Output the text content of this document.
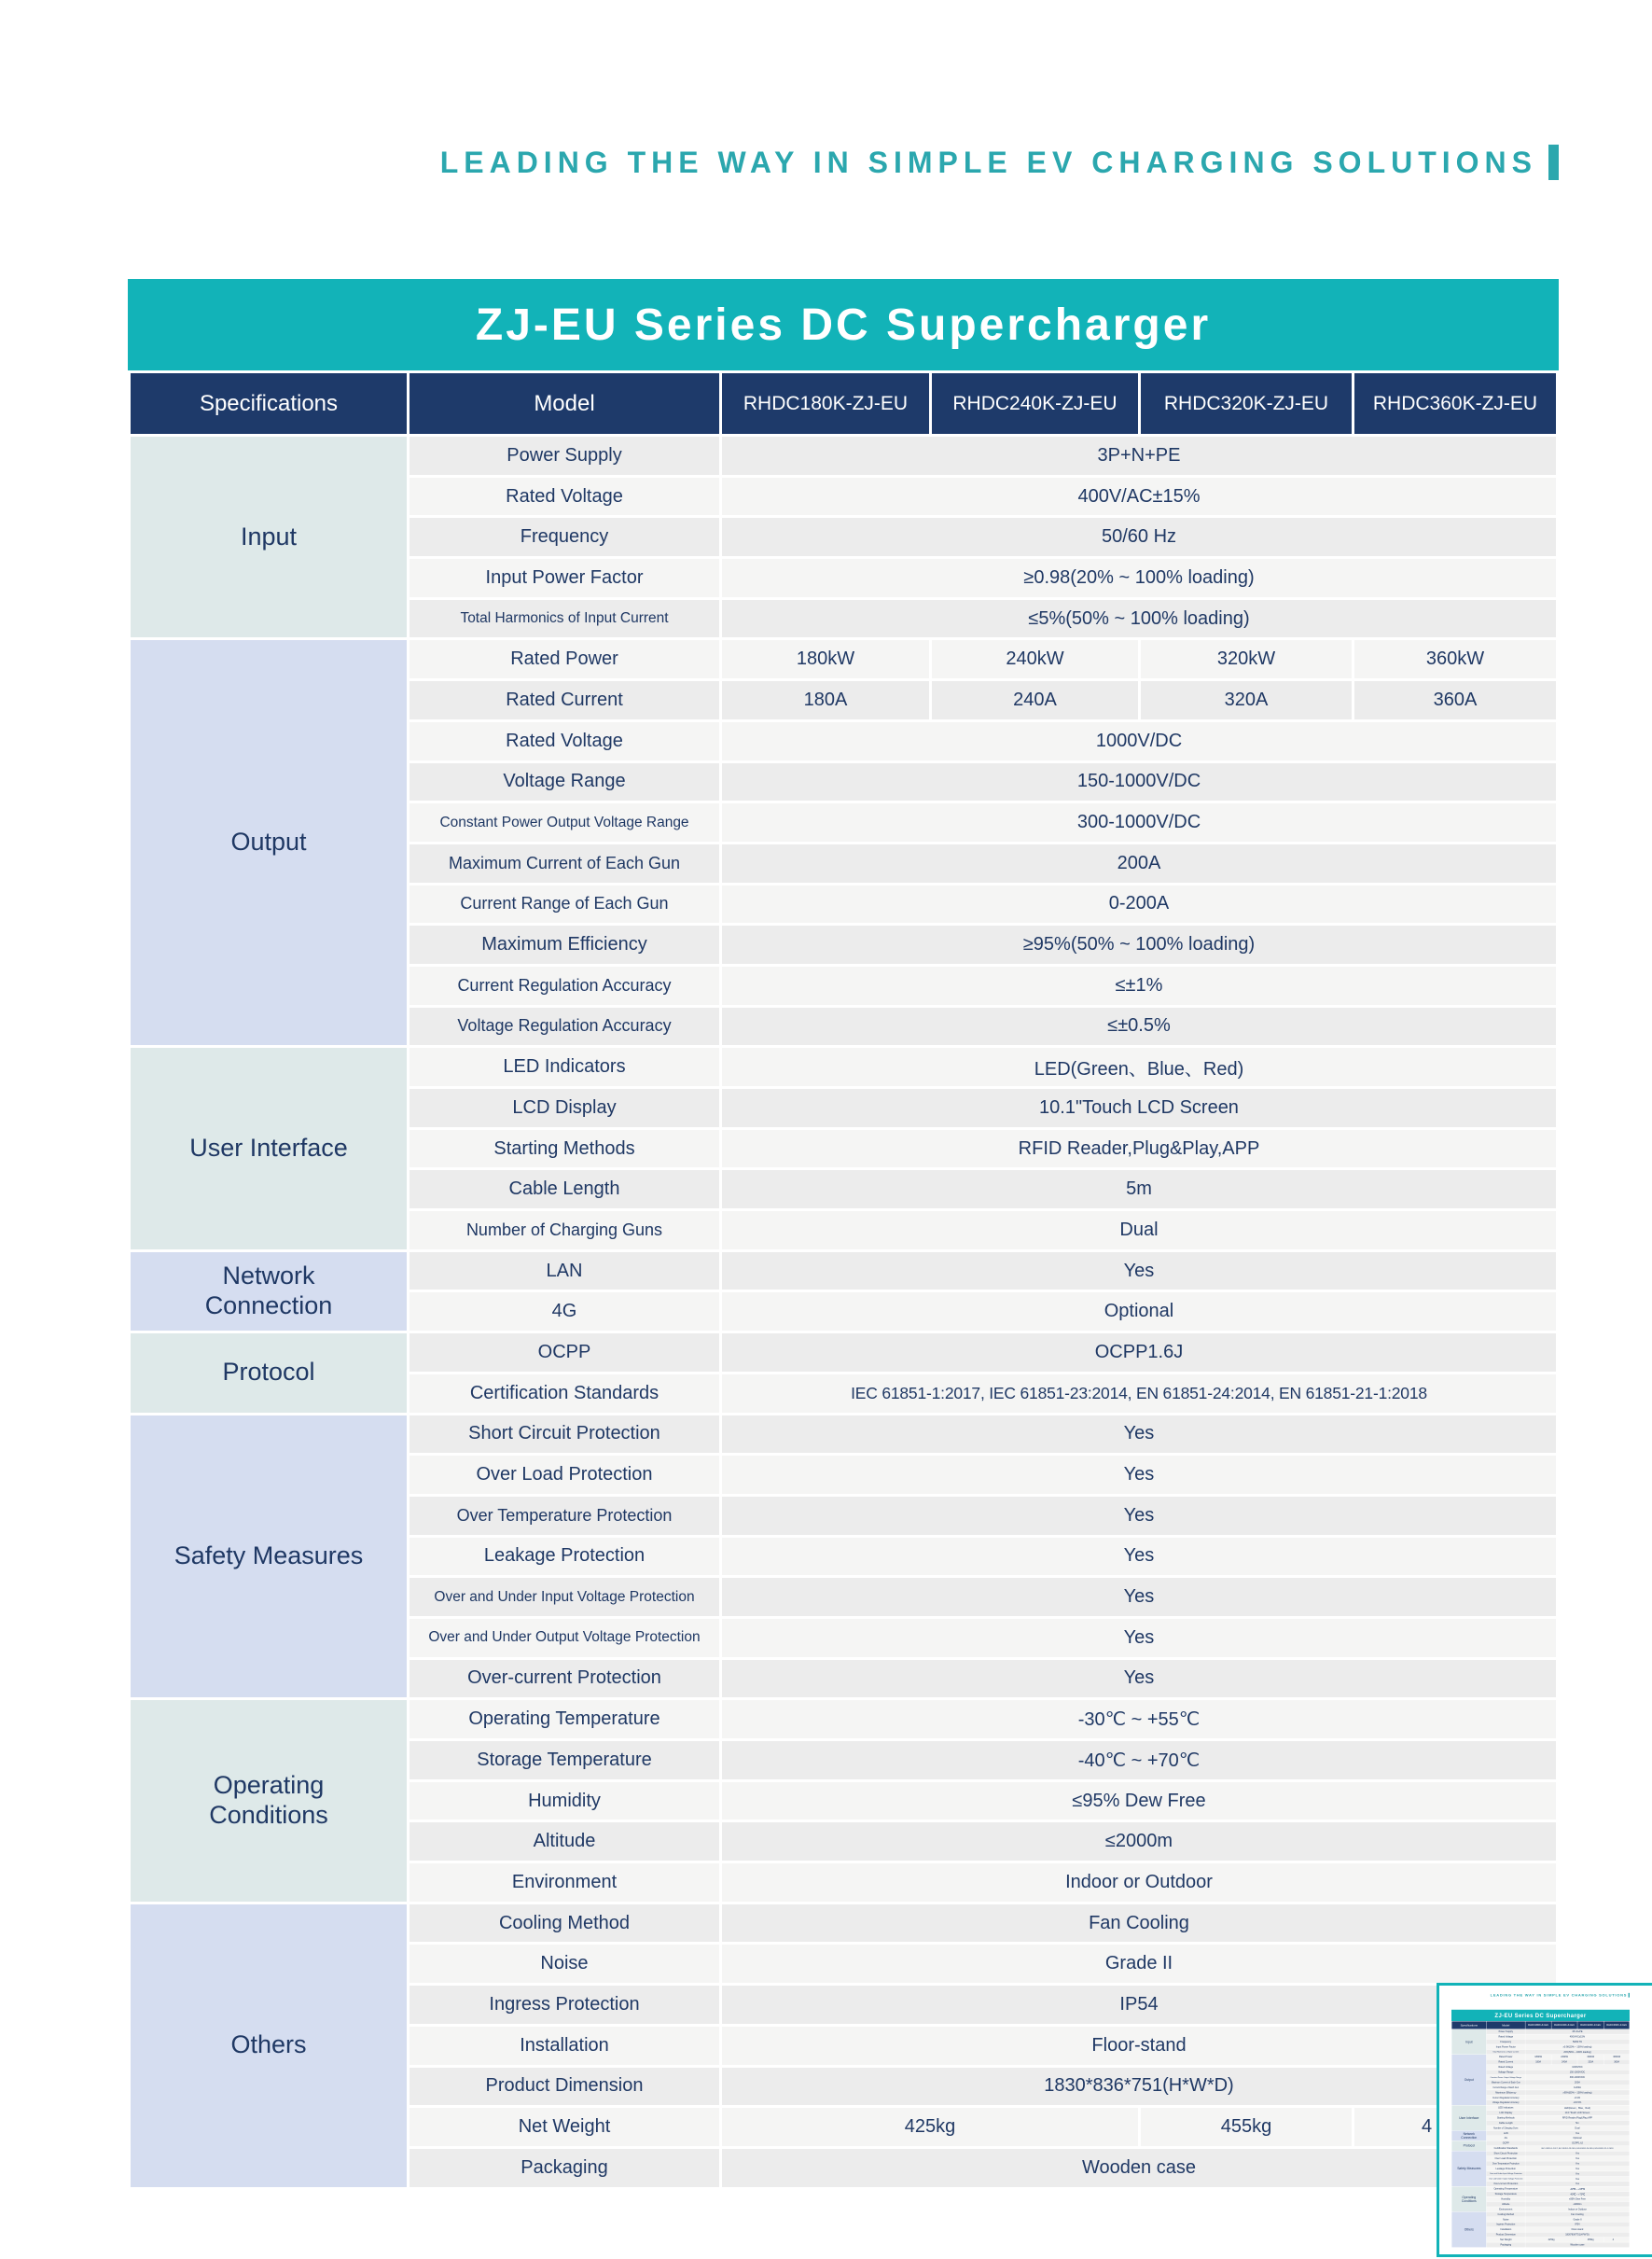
LEADING THE WAY IN SIMPLE EV CHARGING SOLUTIONS
ZJ-EU Series DC Supercharger
Specifications	Model	RHDC180K-ZJ-EU	RHDC240K-ZJ-EU	RHDC320K-ZJ-EU	RHDC360K-ZJ-EU
Input	Power Supply	3P+N+PE			
	Rated Voltage	400V/AC±15%			
	Frequency	50/60 Hz			
	Input Power Factor	≥0.98(20% ~ 100% loading)			
	Total Harmonics of Input Current	≤5%(50% ~ 100% loading)			
Output	Rated Power	180kW	240kW	320kW	360kW
	Rated Current	180A	240A	320A	360A
	Rated Voltage	1000V/DC			
	Voltage Range	150-1000V/DC			
	Constant Power Output Voltage Range	300-1000V/DC			
	Maximum Current of Each Gun	200A			
	Current Range of Each Gun	0-200A			
	Maximum Efficiency	≥95%(50% ~ 100% loading)			
	Current Regulation Accuracy	≤±1%			
	Voltage Regulation Accuracy	≤±0.5%			
User Interface	LED Indicators	LED(Green、Blue、Red)			
	LCD Display	10.1"Touch LCD Screen			
	Starting Methods	RFID Reader,Plug&Play,APP			
	Cable Length	5m			
	Number of Charging Guns	Dual			
Network Connection	LAN	Yes			
	4G	Optional			
Protocol	OCPP	OCPP1.6J			
	Certification Standards	IEC 61851-1:2017, IEC 61851-23:2014, EN 61851-24:2014, EN 61851-21-1:2018			
Safety Measures	Short Circuit Protection	Yes			
	Over Load Protection	Yes			
	Over Temperature Protection	Yes			
	Leakage Protection	Yes			
	Over and Under Input Voltage Protection	Yes			
	Over and Under Output Voltage Protection	Yes			
	Over-current Protection	Yes			
Operating Conditions	Operating Temperature	-30℃ ~ +55℃			
	Storage Temperature	-40℃ ~ +70℃			
	Humidity	≤95% Dew Free			
	Altitude	≤2000m			
	Environment	Indoor or Outdoor			
Others	Cooling Method	Fan Cooling			
	Noise	Grade II			
	Ingress Protection	IP54			
	Installation	Floor-stand			
	Product Dimension	1830*836*751(H*W*D)			
	Net Weight	425kg		455kg	4
	Packaging	Wooden case			
LEADING THE WAY IN SIMPLE EV CHARGING SOLUTIONS
ZJ-EU Series DC Supercharger
Specifications	Model	RHDC180K-ZJ-EU	RHDC240K-ZJ-EU	RHDC320K-ZJ-EU	RHDC360K-ZJ-EU
Input	Power Supply	3P+N+PE			
	Rated Voltage	400V/AC±15%			
	Frequency	50/60 Hz			
	Input Power Factor	≥0.98(20% ~ 100% loading)			
	Total Harmonics of Input Current	≤5%(50% ~ 100% loading)			
Output	Rated Power	180kW	240kW	320kW	360kW
	Rated Current	180A	240A	320A	360A
	Rated Voltage	1000V/DC			
	Voltage Range	150-1000V/DC			
	Constant Power Output Voltage Range	300-1000V/DC			
	Maximum Current of Each Gun	200A			
	Current Range of Each Gun	0-200A			
	Maximum Efficiency	≥95%(50% ~ 100% loading)			
	Current Regulation Accuracy	≤±1%			
	Voltage Regulation Accuracy	≤±0.5%			
User Interface	LED Indicators	LED(Green、Blue、Red)			
	LCD Display	10.1"Touch LCD Screen			
	Starting Methods	RFID Reader,Plug&Play,APP			
	Cable Length	5m			
	Number of Charging Guns	Dual			
Network Connection	LAN	Yes			
	4G	Optional			
Protocol	OCPP	OCPP1.6J			
	Certification Standards	IEC 61851-1:2017, IEC 61851-23:2014, EN 61851-24:2014, EN 61851-21-1:2018			
Safety Measures	Short Circuit Protection	Yes			
	Over Load Protection	Yes			
	Over Temperature Protection	Yes			
	Leakage Protection	Yes			
	Over and Under Input Voltage Protection	Yes			
	Over and Under Output Voltage Protection	Yes			
	Over-current Protection	Yes			
Operating Conditions	Operating Temperature	-30℃ ~ +55℃			
	Storage Temperature	-40℃ ~ +70℃			
	Humidity	≤95% Dew Free			
	Altitude	≤2000m			
	Environment	Indoor or Outdoor			
Others	Cooling Method	Fan Cooling			
	Noise	Grade II			
	Ingress Protection	IP54			
	Installation	Floor-stand			
	Product Dimension	1830*836*751(H*W*D)			
	Net Weight	425kg		455kg	4
	Packaging	Wooden case			
